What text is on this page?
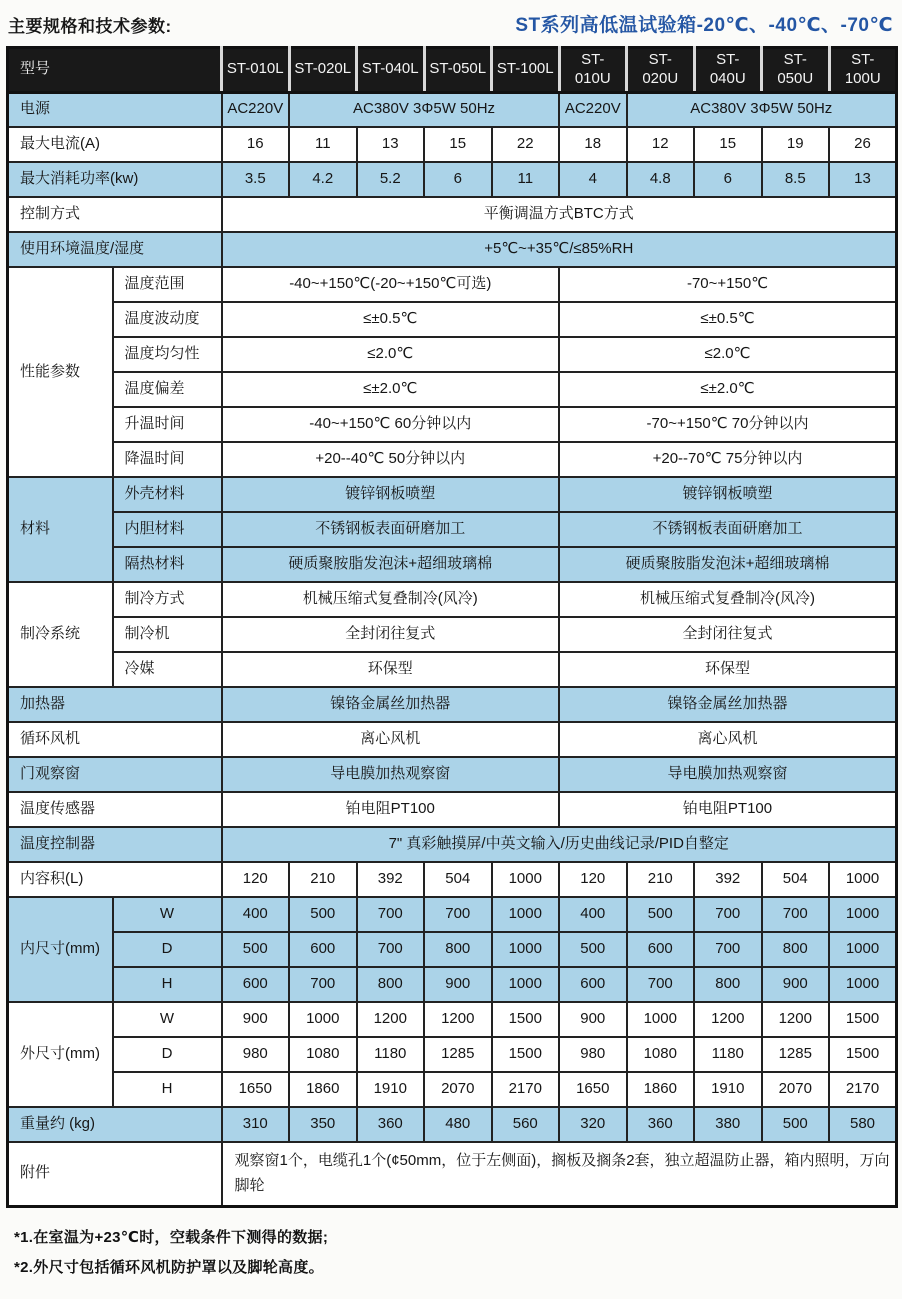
主要规格和技术参数:	ST系列高低温试验箱-20℃、-40℃、-70℃
型号		ST-010L	ST-020L	ST-040L	ST-050L	ST-100L	ST-010U	ST-020U	ST-040U	ST-050U	ST-100U
电源		AC220V	AC380V 3Φ5W 50Hz				AC220V	AC380V 3Φ5W 50Hz			
最大电流(A)		16	11	13	15	22	18	12	15	19	26
最大消耗功率(kw)		3.5	4.2	5.2	6	11	4	4.8	6	8.5	13
控制方式		平衡调温方式BTC方式									
使用环境温度/湿度		+5℃~+35℃/≤85%RH									
性能参数	温度范围	-40~+150℃(-20~+150℃可选)					-70~+150℃				
	温度波动度	≤±0.5℃					≤±0.5℃				
	温度均匀性	≤2.0℃					≤2.0℃				
	温度偏差	≤±2.0℃					≤±2.0℃				
	升温时间	-40~+150℃ 60分钟以内					-70~+150℃ 70分钟以内				
	降温时间	+20--40℃ 50分钟以内					+20--70℃ 75分钟以内				
材料	外壳材料	镀锌钢板喷塑					镀锌钢板喷塑				
	内胆材料	不锈钢板表面研磨加工					不锈钢板表面研磨加工				
	隔热材料	硬质聚胺脂发泡沫+超细玻璃棉					硬质聚胺脂发泡沫+超细玻璃棉				
制冷系统	制冷方式	机械压缩式复叠制冷(风冷)					机械压缩式复叠制冷(风冷)				
	制冷机	全封闭往复式					全封闭往复式				
	冷媒	环保型					环保型				
加热器		镍铬金属丝加热器					镍铬金属丝加热器				
循环风机		离心风机					离心风机				
门观察窗		导电膜加热观察窗					导电膜加热观察窗				
温度传感器		铂电阻PT100					铂电阻PT100				
温度控制器		7" 真彩触摸屏/中英文输入/历史曲线记录/PID自整定									
内容积(L)		120	210	392	504	1000	120	210	392	504	1000
内尺寸(mm)	W	400	500	700	700	1000	400	500	700	700	1000
	D	500	600	700	800	1000	500	600	700	800	1000
	H	600	700	800	900	1000	600	700	800	900	1000
外尺寸(mm)	W	900	1000	1200	1200	1500	900	1000	1200	1200	1500
	D	980	1080	1180	1285	1500	980	1080	1180	1285	1500
	H	1650	1860	1910	2070	2170	1650	1860	1910	2070	2170
重量约 (kg)		310	350	360	480	560	320	360	380	500	580
附件		观察窗1个，电缆孔1个(¢50mm，位于左侧面)，搁板及搁条2套，独立超温防止器，箱内照明，万向脚轮									
*1.在室温为+23℃时，空载条件下测得的数据;
*2.外尺寸包括循环风机防护罩以及脚轮高度。
